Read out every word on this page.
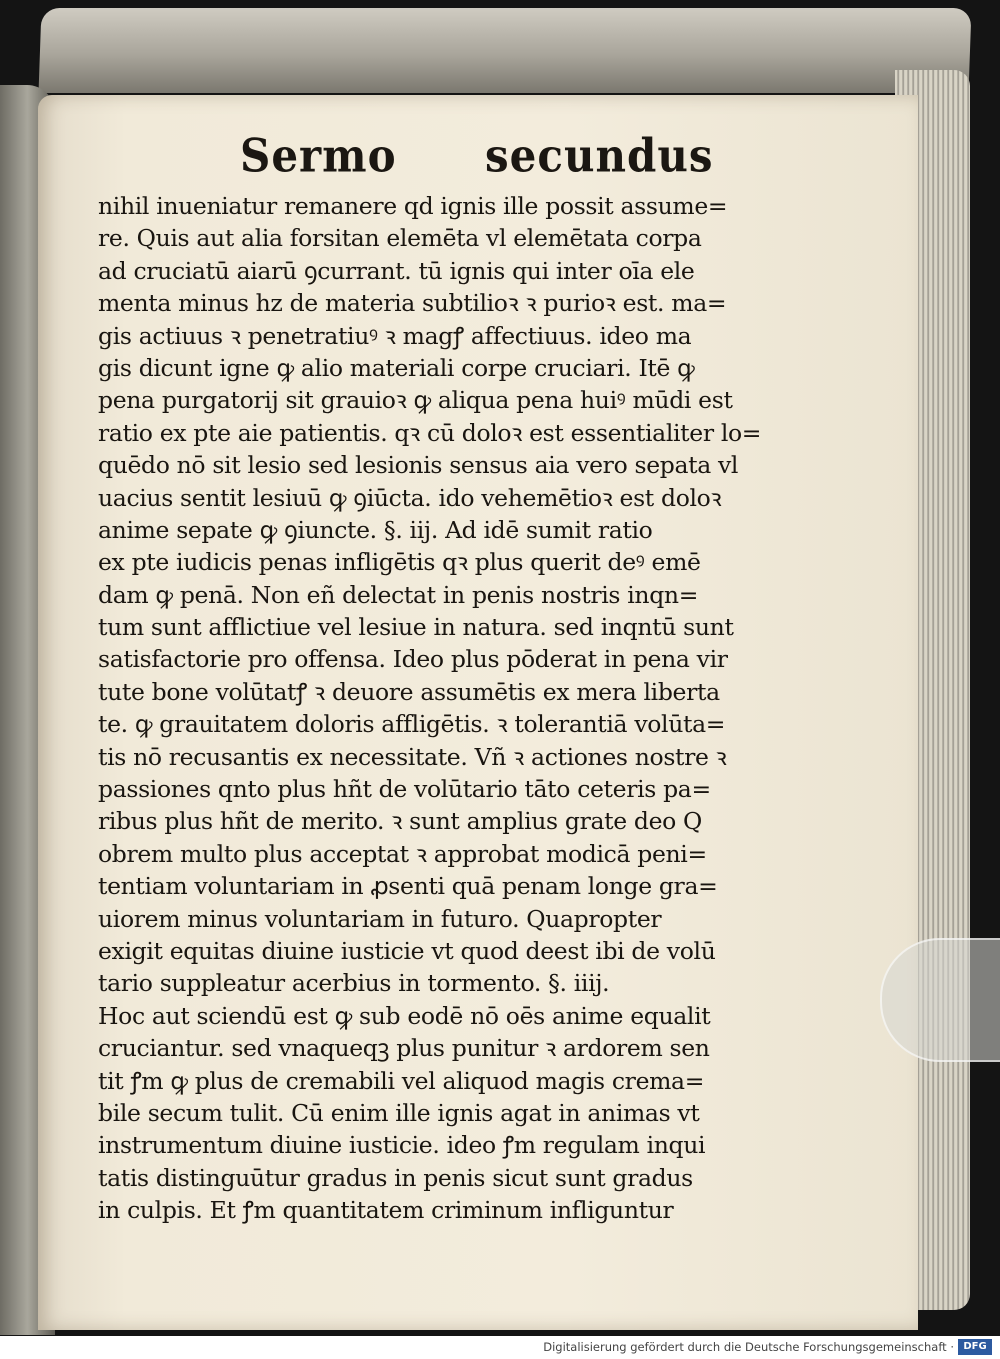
Sermo secundus
nihil inueniatur remanere qd ignis ille possit assume=
re. Quis aut alia forsitan elemēta vl elemētata corpa
ad cruciatū aiarū ꝯcurrant. tū ignis qui inter oīa ele
menta minus hz de materia subtilioꝛ ꝛ purioꝛ est. ma=
gis actiuus ꝛ penetratiuꝰ ꝛ magꝭ affectiuus. ideo ma
gis dicunt igne ꝙ alio materiali corpe cruciari. Itē ꝙ
pena purgatorij sit grauioꝛ ꝙ aliqua pena huiꝰ mūdi est
ratio ex pte aie patientis. qꝛ cū doloꝛ est essentialiter lo=
quēdo nō sit lesio sed lesionis sensus aia vero sepata vl
uacius sentit lesiuū ꝙ ꝯiūcta. ido vehemētioꝛ est doloꝛ
anime sepate ꝙ ꝯiuncte. §. iij. Ad idē sumit ratio
ex pte iudicis penas infligētis qꝛ plus querit deꝰ emē
dam ꝙ penā. Non eñ delectat in penis nostris inqn=
tum sunt afflictiue vel lesiue in natura. sed inqntū sunt
satisfactorie pro offensa. Ideo plus pōderat in pena vir
tute bone volūtatꝭ ꝛ deuore assumētis ex mera liberta
te. ꝙ grauitatem doloris affligētis. ꝛ tolerantiā volūta=
tis nō recusantis ex necessitate. Vñ ꝛ actiones nostre ꝛ
passiones qnto plus hñt de volūtario tāto ceteris pa=
ribus plus hñt de merito. ꝛ sunt amplius grate deo Q
obrem multo plus acceptat ꝛ approbat modicā peni=
tentiam voluntariam in ꝓsenti quā penam longe gra=
uiorem minus voluntariam in futuro. Quapropter
exigit equitas diuine iusticie vt quod deest ibi de volū
tario suppleatur acerbius in tormento. §. iiij.
Hoc aut sciendū est ꝙ sub eodē nō oēs anime equalit
cruciantur. sed vnaqueqꝫ plus punitur ꝛ ardorem sen
tit ꝭm ꝙ plus de cremabili vel aliquod magis crema=
bile secum tulit. Cū enim ille ignis agat in animas vt
instrumentum diuine iusticie. ideo ꝭm regulam inqui
tatis distinguūtur gradus in penis sicut sunt gradus
in culpis. Et ꝭm quantitatem criminum infliguntur
Digitalisierung gefördert durch die Deutsche Forschungsgemeinschaft · DFG
